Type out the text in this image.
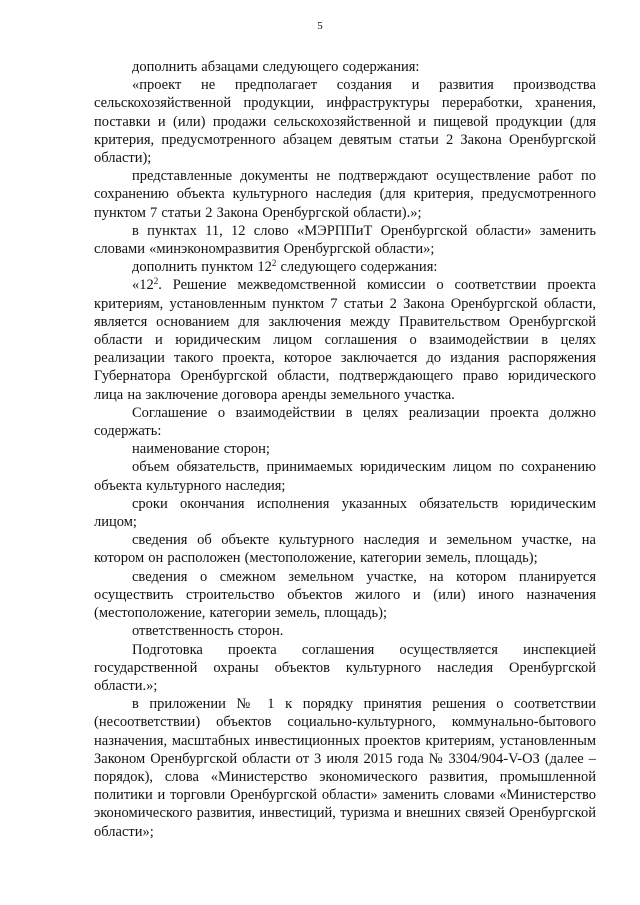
5

дополнить абзацами следующего содержания:

«проект не предполагает создания и развития производства сельскохозяйственной продукции, инфраструктуры переработки, хранения, поставки и (или) продажи сельскохозяйственной и пищевой продукции (для критерия, предусмотренного абзацем девятым статьи 2 Закона Оренбургской области);

представленные документы не подтверждают осуществление работ по сохранению объекта культурного наследия (для критерия, предусмотренного пунктом 7 статьи 2 Закона Оренбургской области).»;

в пунктах 11, 12 слово «МЭРППиТ Оренбургской области» заменить словами «минэкономразвития Оренбургской области»;

дополнить пунктом $12^2$ следующего содержания:

«$12^2$. Решение межведомственной комиссии о соответствии проекта критериям, установленным пунктом 7 статьи 2 Закона Оренбургской области, является основанием для заключения между Правительством Оренбургской области и юридическим лицом соглашения о взаимодействии в целях реализации такого проекта, которое заключается до издания распоряжения Губернатора Оренбургской области, подтверждающего право юридического лица на заключение договора аренды земельного участка.

Соглашение о взаимодействии в целях реализации проекта должно содержать:

наименование сторон;

объем обязательств, принимаемых юридическим лицом по сохранению объекта культурного наследия;

сроки окончания исполнения указанных обязательств юридическим лицом;

сведения об объекте культурного наследия и земельном участке, на котором он расположен (местоположение, категории земель, площадь);

сведения о смежном земельном участке, на котором планируется осуществить строительство объектов жилого и (или) иного назначения (местоположение, категории земель, площадь);

ответственность сторон.

Подготовка проекта соглашения осуществляется инспекцией государственной охраны объектов культурного наследия Оренбургской области.»;

в приложении № 1 к порядку принятия решения о соответствии (несоответствии) объектов социально-культурного, коммунально-бытового назначения, масштабных инвестиционных проектов критериям, установленным Законом Оренбургской области от 3 июля 2015 года № 3304/904-V-ОЗ (далее – порядок), слова «Министерство экономического развития, промышленной политики и торговли Оренбургской области» заменить словами «Министерство экономического развития, инвестиций, туризма и внешних связей Оренбургской области»;
